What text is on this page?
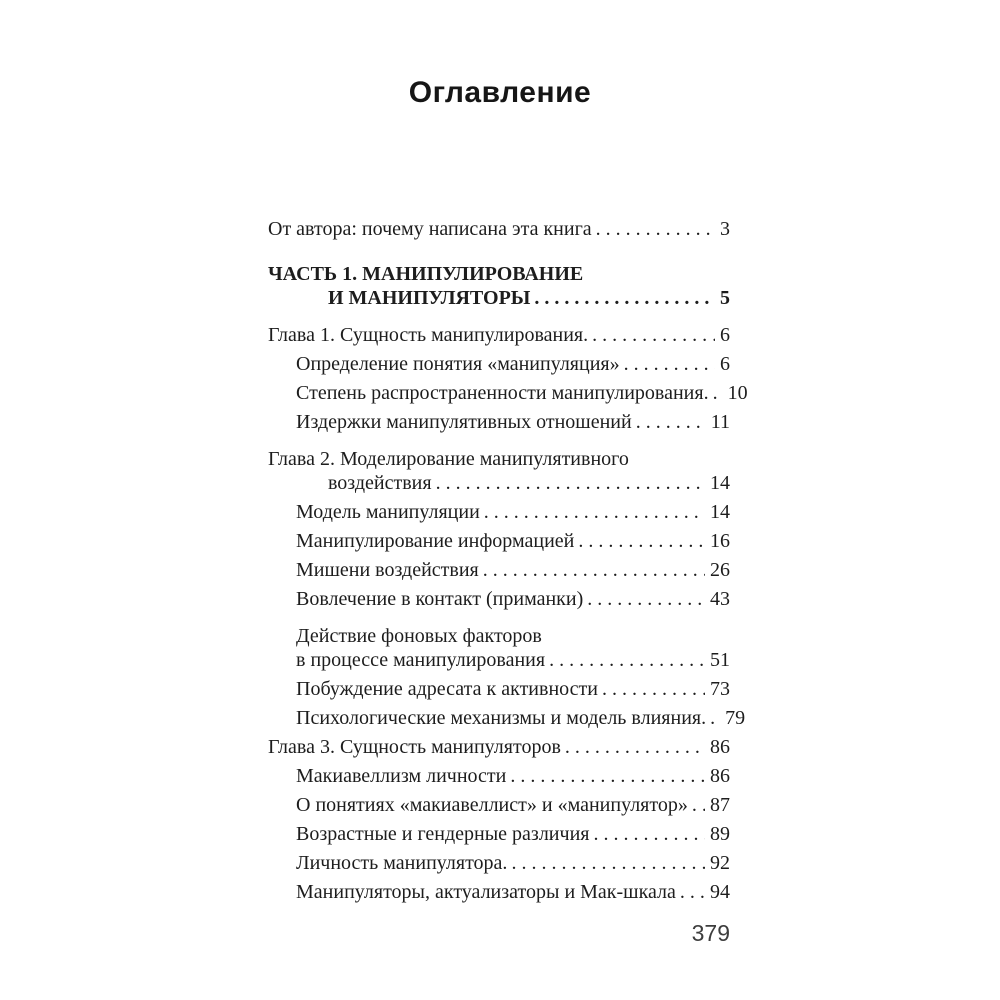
Оглавление
От автора: почему написана эта книга . . .	3
ЧАСТЬ 1. МАНИПУЛИРОВАНИЕ
И МАНИПУЛЯТОРЫ . . .	5
Глава 1. Сущность манипулирования. . . .	6
Определение понятия «манипуляция» . . .	6
Степень распространенности манипулирования. . . . 10
Издержки манипулятивных отношений . . .	11
Глава 2. Моделирование манипулятивного
воздействия . . .	14
Модель манипуляции . . .	14
Манипулирование информацией . . .	16
Мишени воздействия . . .	26
Вовлечение в контакт (приманки) . . .	43
Действие фоновых факторов
в процессе манипулирования . . .	51
Побуждение адресата к активности . . .	73
Психологические механизмы и модель влияния. . . . 79
Глава 3. Сущность манипуляторов . . .	86
Макиавеллизм личности . . .	86
О понятиях «макиавеллист» и «манипулятор» . . . 87
Возрастные и гендерные различия . . .	89
Личность манипулятора. . . .	92
Манипуляторы, актуализаторы и Мак-шкала . . . 94
379
